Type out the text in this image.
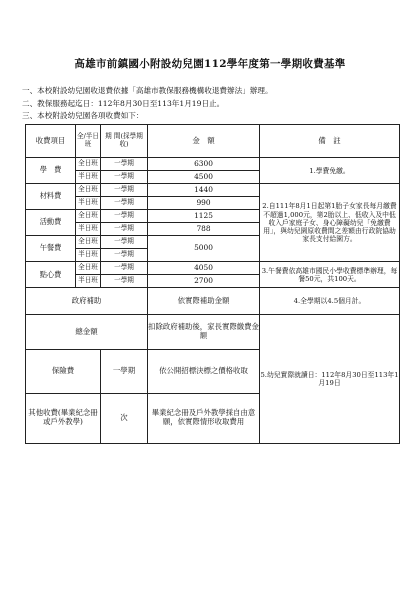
高雄市前鎮國小附設幼兒園112學年度第一學期收費基準
一、本校附設幼兒園收退費依據「高雄市教保服務機構收退費辦法」辦理。
二、教保服務起迄日：112年8月30日至113年1月19日止。
三、本校附設幼兒園各項收費如下：
收費項目	全/半日班	期 間(採學期收)	金　額	備　註
學　費	全日班	一學期	6300	1.學費免繳。
	半日班	一學期	4500	
材料費	全日班	一學期	1440	2.自111年8月1日起第1胎子女家長每月繳費不超過1,000元，第2胎以上、低收入及中低收入戶家庭子女、身心障礙幼兒「免繳費用」，與幼兒園原收費間之差額由行政院協助家長支付給園方。
	半日班	一學期	990	
活動費	全日班	一學期	1125	
	半日班	一學期	788	
午餐費	全日班	一學期	5000	
	半日班	一學期		
點心費	全日班	一學期	4050	3.午餐費依高雄市國民小學收費標準辦理，每餐50元，共100天。
	半日班	一學期	2700	
政府補助			依實際補助金額	4.全學期以4.5個月計。
總金額			扣除政府補助後，家長實際繳費金額	5.幼兒實際就讀日：112年8月30日至113年1月19日
保險費		一學期	依公開招標決標之價格收取	
其他收費(畢業紀念冊或戶外教學)		次	畢業紀念冊及戶外教學採自由意願，依實際情形收取費用	
